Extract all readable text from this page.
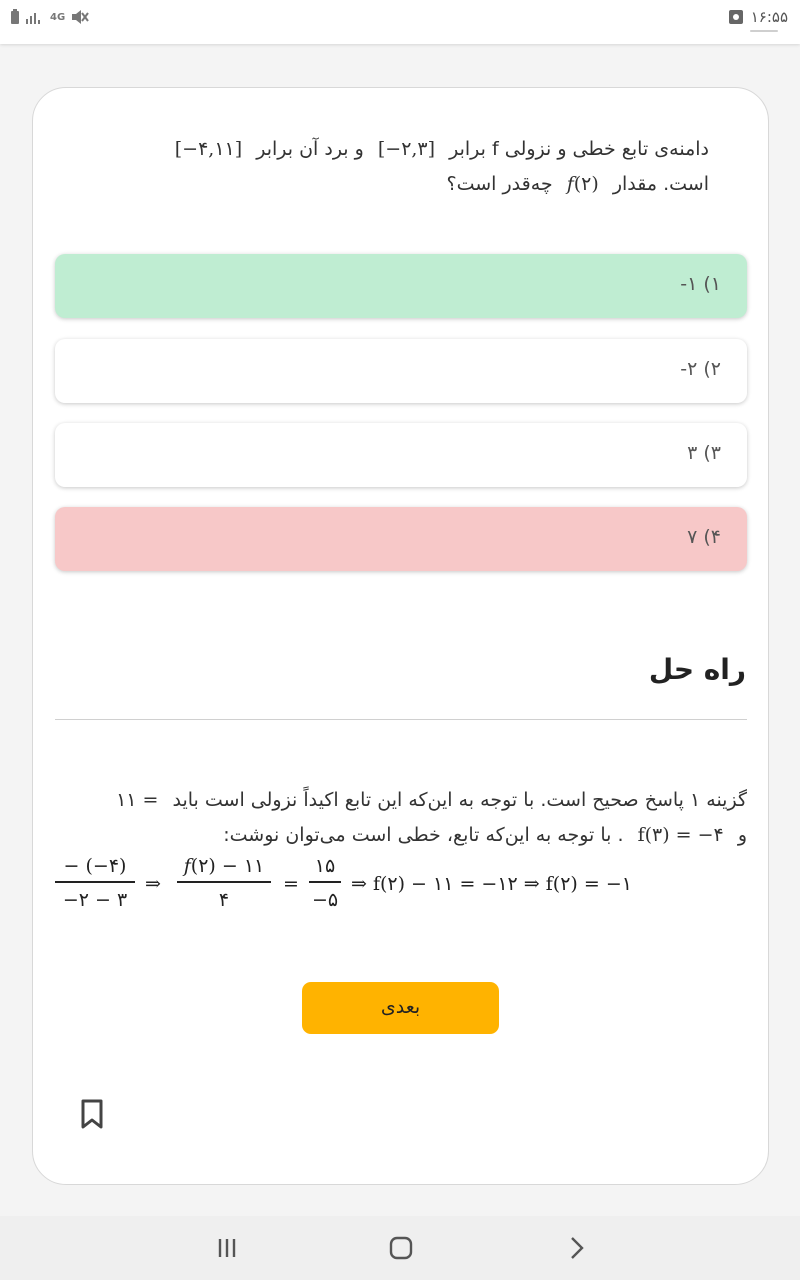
4G	۱۶:۵۵
دامنه‌ی تابع خطی و نزولی f برابر [−۲,۳] و برد آن برابر [−۴,۱۱]
است. مقدار f(۲) چه‌قدر است؟
۱) ۱-
۲) ۲-
۳) ۳
۴) ۷
راه حل
گزینه ۱ پاسخ صحیح است. با توجه به این‌که این تابع اکیداً نزولی است باید ۱۱ =
و f(۳) = −۴ . با توجه به این‌که تابع، خطی است می‌توان نوشت:
− (−۴)
−۲ − ۳
⇒
f(۲) − ۱۱
۴
=
۱۵
−۵
⇒ f(۲) − ۱۱ = −۱۲ ⇒ f(۲) = −۱
بعدی
